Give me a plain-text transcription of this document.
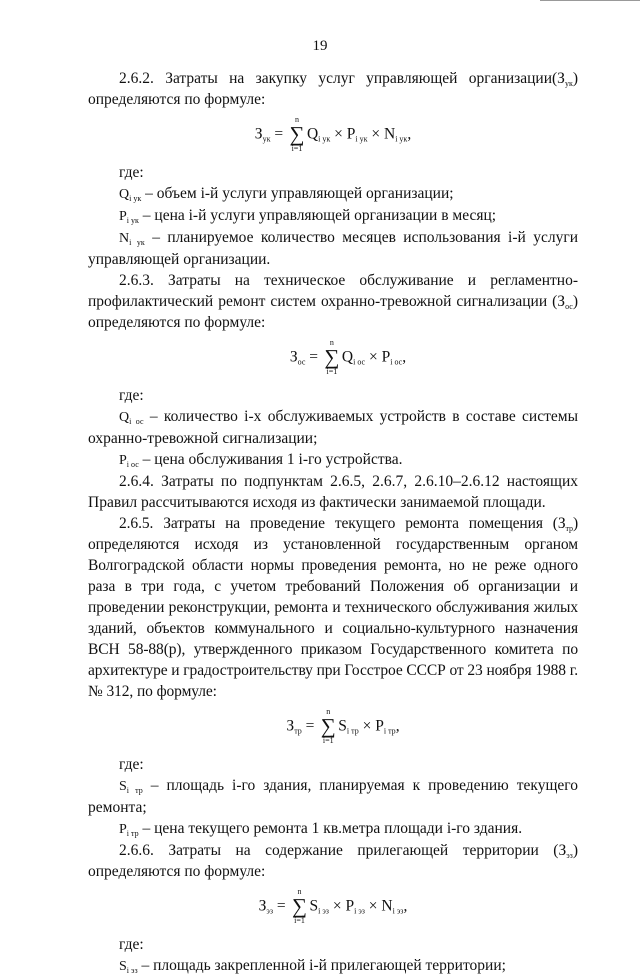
19

2.6.2. Затраты на закупку услуг управляющей $организации(З_{ук})$

определяются по формуле:

$З_{ук}$ =
n
∑
i=1
$Q_{i ук} \times P_{i ук} \times N_{i ук}$,

где:

$Q_{i ук}$ – объем i-й услуги управляющей организации;

$P_{i ук}$ – цена i-й услуги управляющей организации в месяц;

$N_{i ук}$ – планируемое количество месяцев использования i-й услуги управляющей организации.

2.6.3. Затраты на техническое обслуживание и регламентно-профилактический ремонт систем охранно-тревожной сигнализации $(З_{ос})$ определяются по формуле:

$З_{ос}$ =
n
∑
i=1
$Q_{i ос} \times P_{i ос}$,

где:

$Q_{i ос}$ – количество i-х обслуживаемых устройств в составе системы охранно-тревожной сигнализации;

$P_{i ос}$ – цена обслуживания 1 i-го устройства.

2.6.4. Затраты по подпунктам 2.6.5, 2.6.7, 2.6.10–2.6.12 настоящих Правил рассчитываются исходя из фактически занимаемой площади.

2.6.5. Затраты на проведение текущего ремонта помещения $(З_{тр})$ определяются исходя из установленной государственным органом Волгоградской области нормы проведения ремонта, но не реже одного раза в три года, с учетом требований Положения об организации и проведении реконструкции, ремонта и технического обслуживания жилых зданий, объектов коммунального и социально-культурного назначения ВСН 58-88(р), утвержденного приказом Государственного комитета по архитектуре и градостроительству при Госстрое СССР от 23 ноября 1988 г. № 312, по формуле:

$З_{тр}$ =
n
∑
i=1
$S_{i тр} \times P_{i тр}$,

где:

$S_{i тр}$ – площадь i-го здания, планируемая к проведению текущего ремонта;

$P_{i тр}$ – цена текущего ремонта 1 кв.метра площади i-го здания.

2.6.6. Затраты на содержание прилегающей территории $(З_{эз})$

определяются по формуле:

$З_{эз}$ =
n
∑
i=1
$S_{i эз} \times P_{i эз} \times N_{i эз}$,

где:

$S_{i эз}$ – площадь закрепленной i-й прилегающей территории;
